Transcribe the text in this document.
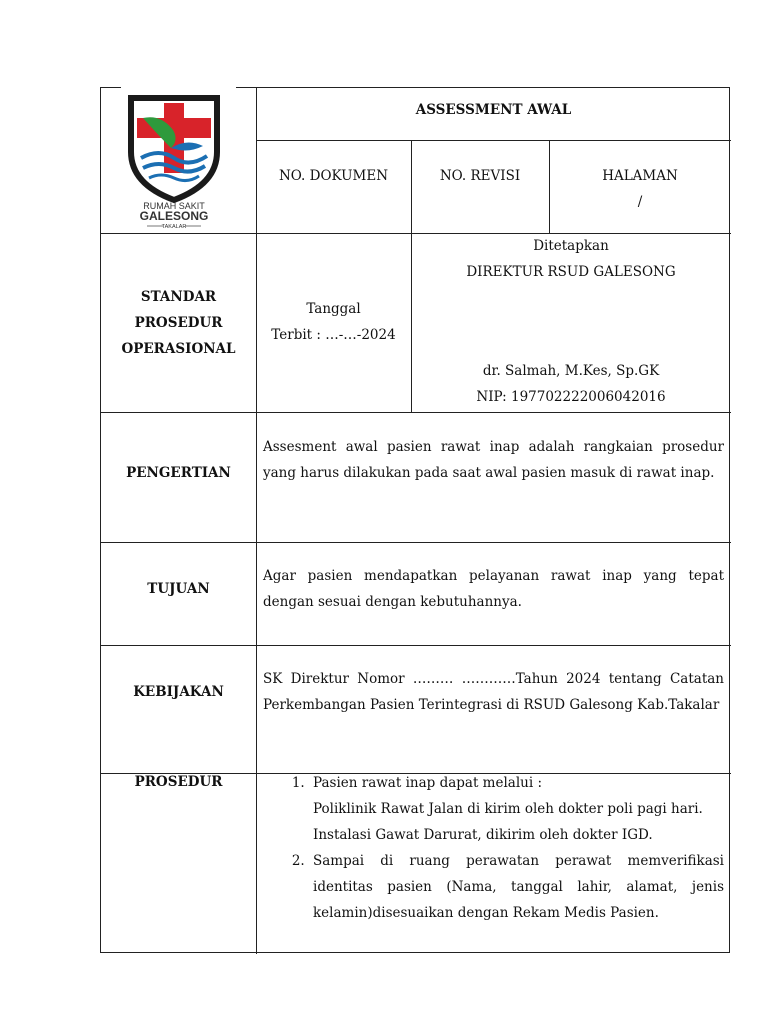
RUMAH SAKIT
GALESONG
TAKALAR
ASSESSMENT AWAL
NO. DOKUMEN	NO. REVISI	HALAMAN
/
STANDAR
PROSEDUR
OPERASIONAL
Tanggal
Terbit : …-…-2024
Ditetapkan
DIREKTUR RSUD GALESONG
dr. Salmah, M.Kes, Sp.GK
NIP: 197702222006042016
PENGERTIAN
Assesment awal pasien rawat inap adalah rangkaian prosedur yang harus dilakukan pada saat awal pasien masuk di rawat inap.
TUJUAN
Agar pasien mendapatkan pelayanan rawat inap yang tepat dengan sesuai dengan kebutuhannya.
KEBIJAKAN
SK Direktur Nomor ……… …………Tahun 2024 tentang Catatan Perkembangan Pasien Terintegrasi di RSUD Galesong Kab.Takalar
PROSEDUR
1.	Pasien rawat inap dapat melalui :
Poliklinik Rawat Jalan di kirim oleh dokter poli pagi hari.
Instalasi Gawat Darurat, dikirim oleh dokter IGD.
2. Sampai di ruang perawatan perawat memverifikasi identitas pasien (Nama, tanggal lahir, alamat, jenis kelamin)disesuaikan dengan Rekam Medis Pasien.
